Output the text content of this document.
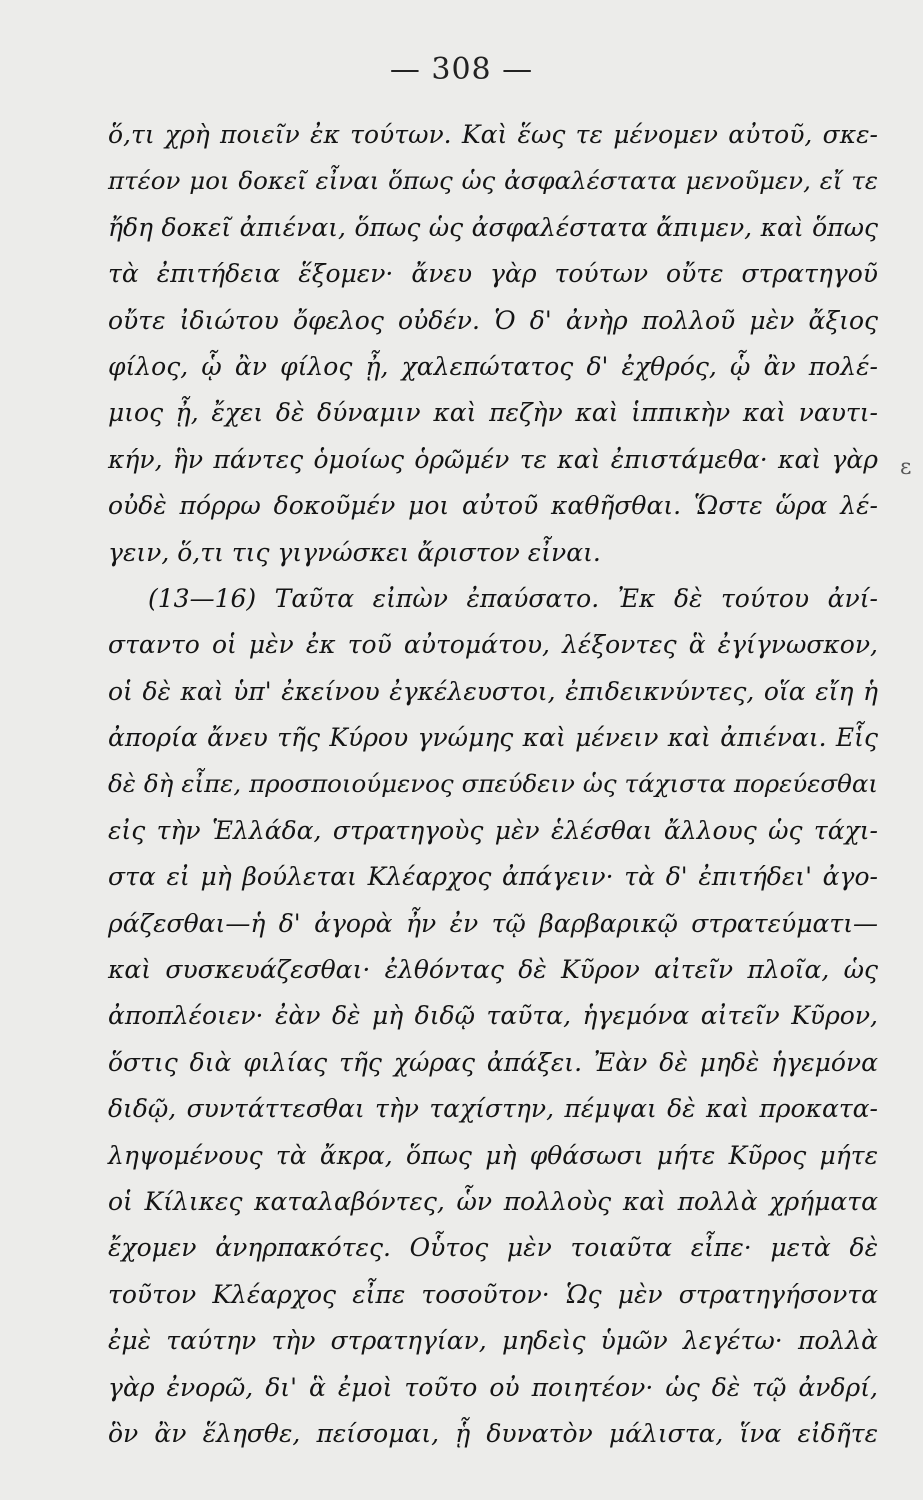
— 308 —
ὅ,τι χρὴ ποιεῖν ἐκ τούτων. Καὶ ἕως τε μένομεν αὐτοῦ, σκε-
πτέον μοι δοκεῖ εἶναι ὅπως ὡς ἀσφαλέστατα μενοῦμεν, εἴ τε
ἤδη δοκεῖ ἀπιέναι, ὅπως ὡς ἀσφαλέστατα ἄπιμεν, καὶ ὅπως
τὰ ἐπιτήδεια ἕξομεν· ἄνευ γὰρ τούτων οὔτε στρατηγοῦ
οὔτε ἰδιώτου ὄφελος οὐδέν. Ὁ δ' ἀνὴρ πολλοῦ μὲν ἄξιος
φίλος, ᾧ ἂν φίλος ᾖ, χαλεπώτατος δ' ἐχθρός, ᾧ ἂν πολέ-
μιος ᾖ, ἔχει δὲ δύναμιν καὶ πεζὴν καὶ ἱππικὴν καὶ ναυτι-
κήν, ἣν πάντες ὁμοίως ὁρῶμέν τε καὶ ἐπιστάμεθα· καὶ γὰρ
οὐδὲ πόρρω δοκοῦμέν μοι αὐτοῦ καθῆσθαι. Ὥστε ὥρα λέ-
γειν, ὅ,τι τις γιγνώσκει ἄριστον εἶναι.
(13—16) Ταῦτα εἰπὼν ἐπαύσατο. Ἐκ δὲ τούτου ἀνί-
σταντο οἱ μὲν ἐκ τοῦ αὐτομάτου, λέξοντες ἃ ἐγίγνωσκον,
οἱ δὲ καὶ ὑπ' ἐκείνου ἐγκέλευστοι, ἐπιδεικνύντες, οἵα εἴη ἡ
ἀπορία ἄνευ τῆς Κύρου γνώμης καὶ μένειν καὶ ἀπιέναι. Εἷς
δὲ δὴ εἶπε, προσποιούμενος σπεύδειν ὡς τάχιστα πορεύεσθαι
εἰς τὴν Ἑλλάδα, στρατηγοὺς μὲν ἑλέσθαι ἄλλους ὡς τάχι-
στα εἰ μὴ βούλεται Κλέαρχος ἀπάγειν· τὰ δ' ἐπιτήδει' ἀγο-
ράζεσθαι—ἡ δ' ἀγορὰ ἦν ἐν τῷ βαρβαρικῷ στρατεύματι—
καὶ συσκευάζεσθαι· ἐλθόντας δὲ Κῦρον αἰτεῖν πλοῖα, ὡς
ἀποπλέοιεν· ἐὰν δὲ μὴ διδῷ ταῦτα, ἡγεμόνα αἰτεῖν Κῦρον,
ὅστις διὰ φιλίας τῆς χώρας ἀπάξει. Ἐὰν δὲ μηδὲ ἡγεμόνα
διδῷ, συντάττεσθαι τὴν ταχίστην, πέμψαι δὲ καὶ προκατα-
ληψομένους τὰ ἄκρα, ὅπως μὴ φθάσωσι μήτε Κῦρος μήτε
οἱ Κίλικες καταλαβόντες, ὧν πολλοὺς καὶ πολλὰ χρήματα
ἔχομεν ἀνηρπακότες. Οὗτος μὲν τοιαῦτα εἶπε· μετὰ δὲ
τοῦτον Κλέαρχος εἶπε τοσοῦτον· Ὡς μὲν στρατηγήσοντα
ἐμὲ ταύτην τὴν στρατηγίαν, μηδεὶς ὑμῶν λεγέτω· πολλὰ
γὰρ ἐνορῶ, δι' ἃ ἐμοὶ τοῦτο οὐ ποιητέον· ὡς δὲ τῷ ἀνδρί,
ὃν ἂν ἕλησθε, πείσομαι, ᾗ δυνατὸν μάλιστα, ἵνα εἰδῆτε
ε
